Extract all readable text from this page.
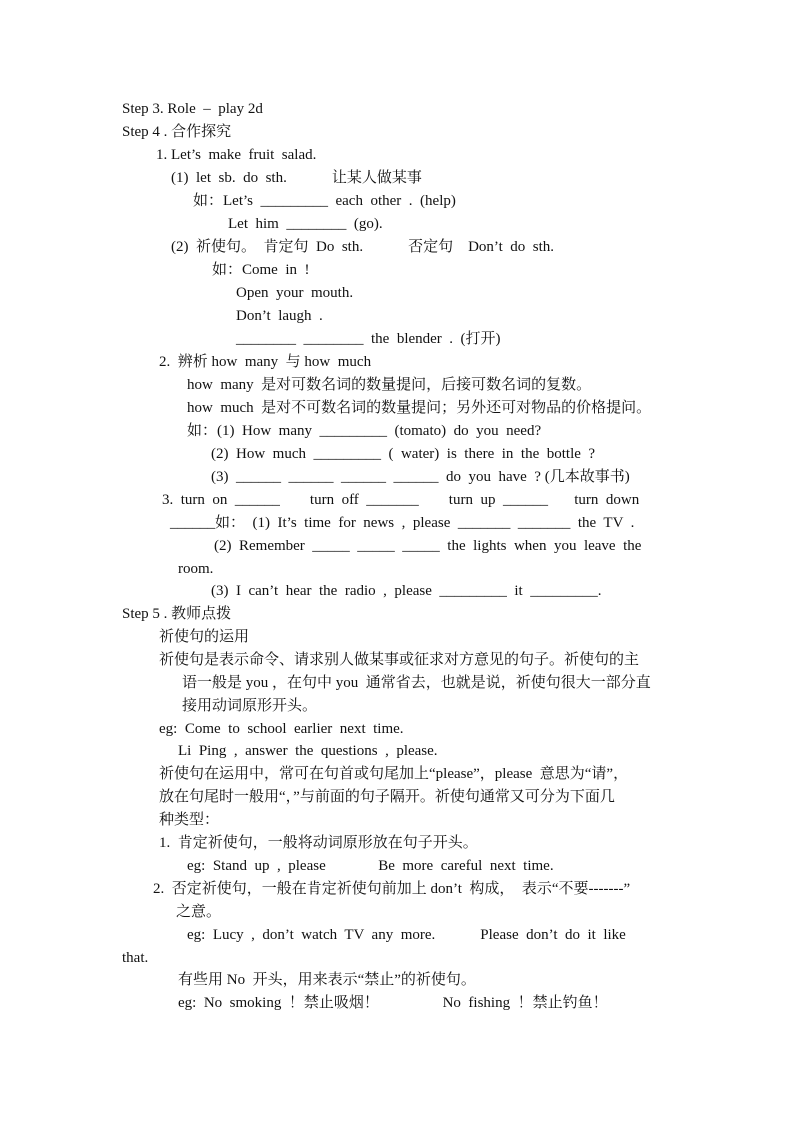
Step 3. Role  –  play 2d
Step 4 . 合作探究
1. Let’s  make  fruit  salad.
(1)  let  sb.  do  sth.            让某人做某事
如：Let’s  _________  each  other  .  (help)
Let  him  ________  (go).
(2)  祈使句。  肯定句  Do  sth.            否定句    Don’t  do  sth.
如：Come  in  !
Open  your  mouth.
Don’t  laugh  .
________  ________  the  blender  .  (打开)
2.  辨析 how  many  与 how  much
how  many  是对可数名词的数量提问，后接可数名词的复数。
how  much  是对不可数名词的数量提问；另外还可对物品的价格提问。
如：(1)  How  many  _________  (tomato)  do  you  need?
(2)  How  much  _________  (  water)  is  there  in  the  bottle  ?
(3)  ______  ______  ______  ______  do  you  have  ? (几本故事书)
3.  turn  on  ______        turn  off  _______        turn  up  ______       turn  down
______如：  (1)  It’s  time  for  news  ,  please  _______  _______  the  TV  .
(2)  Remember  _____  _____  _____  the  lights  when  you  leave  the
room.
(3)  I  can’t  hear  the  radio  ,  please  _________  it  _________.
Step 5 . 教师点拨
祈使句的运用
祈使句是表示命令、请求别人做某事或征求对方意见的句子。祈使句的主
语一般是 you ，在句中 you  通常省去，也就是说，祈使句很大一部分直
接用动词原形开头。
eg:  Come  to  school  earlier  next  time.
Li  Ping  ,  answer  the  questions  ,  please.
祈使句在运用中，常可在句首或句尾加上“please”，please  意思为“请”，
放在句尾时一般用“，”与前面的句子隔开。祈使句通常又可分为下面几
种类型：
1.  肯定祈使句，一般将动词原形放在句子开头。
eg:  Stand  up  ,  please              Be  more  careful  next  time.
2.  否定祈使句，一般在肯定祈使句前加上 don’t  构成，  表示“不要-------”
之意。
eg:  Lucy  ,  don’t  watch  TV  any  more.            Please  don’t  do  it  like
that.
有些用 No  开头，用来表示“禁止”的祈使句。
eg:  No  smoking  ！禁止吸烟！                 No  fishing  ！禁止钓鱼！
